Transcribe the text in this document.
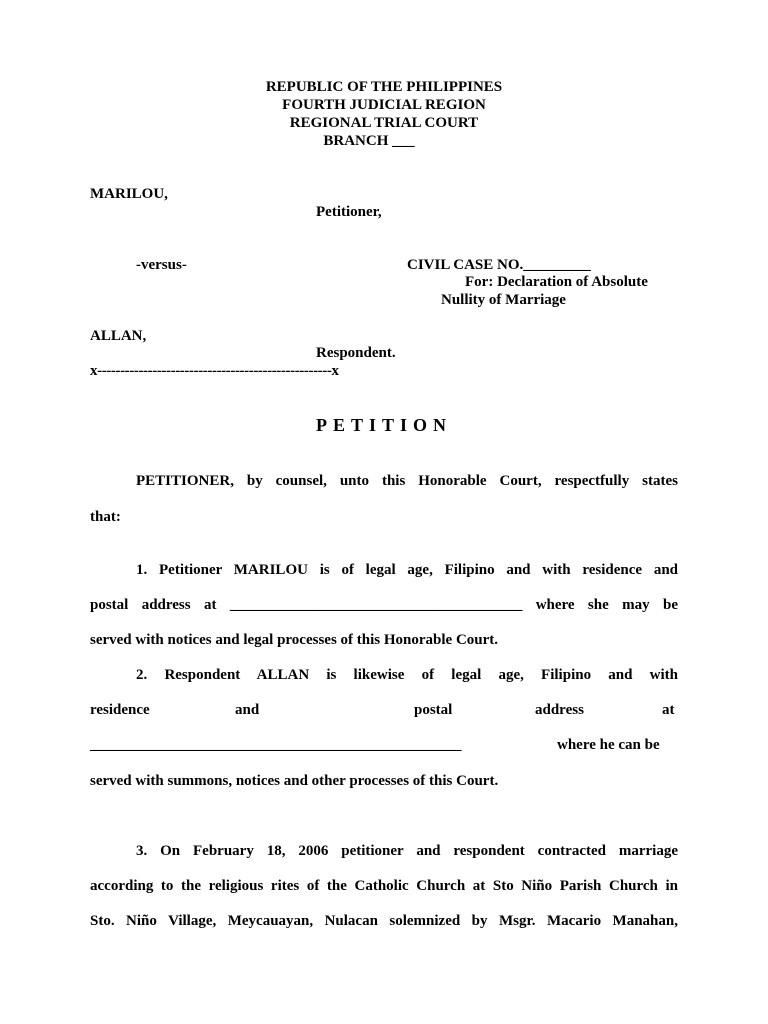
REPUBLIC OF THE PHILIPPINES
FOURTH JUDICIAL REGION
REGIONAL TRIAL COURT
BRANCH ___
MARILOU,
Petitioner,
-versus-	CIVIL CASE NO._________
For: Declaration of Absolute
Nullity of Marriage
ALLAN,
Respondent.
x---------------------------------------------------x
PETITION
PETITIONER, by counsel, unto this Honorable Court, respectfully states
that:
1. Petitioner MARILOU is of legal age, Filipino and with residence and
postal address at _______________________________________ where she may be
served with notices and legal processes of this Honorable Court.
2. Respondent ALLAN is likewise of legal age, Filipino and with
residence	and	postal	address	at
_____________________________________________________	where he can be
served with summons, notices and other processes of this Court.
3. On February 18, 2006 petitioner and respondent contracted marriage
according to the religious rites of the Catholic Church at Sto Niño Parish Church in
Sto. Niño Village, Meycauayan, Nulacan solemnized by Msgr. Macario Manahan,
